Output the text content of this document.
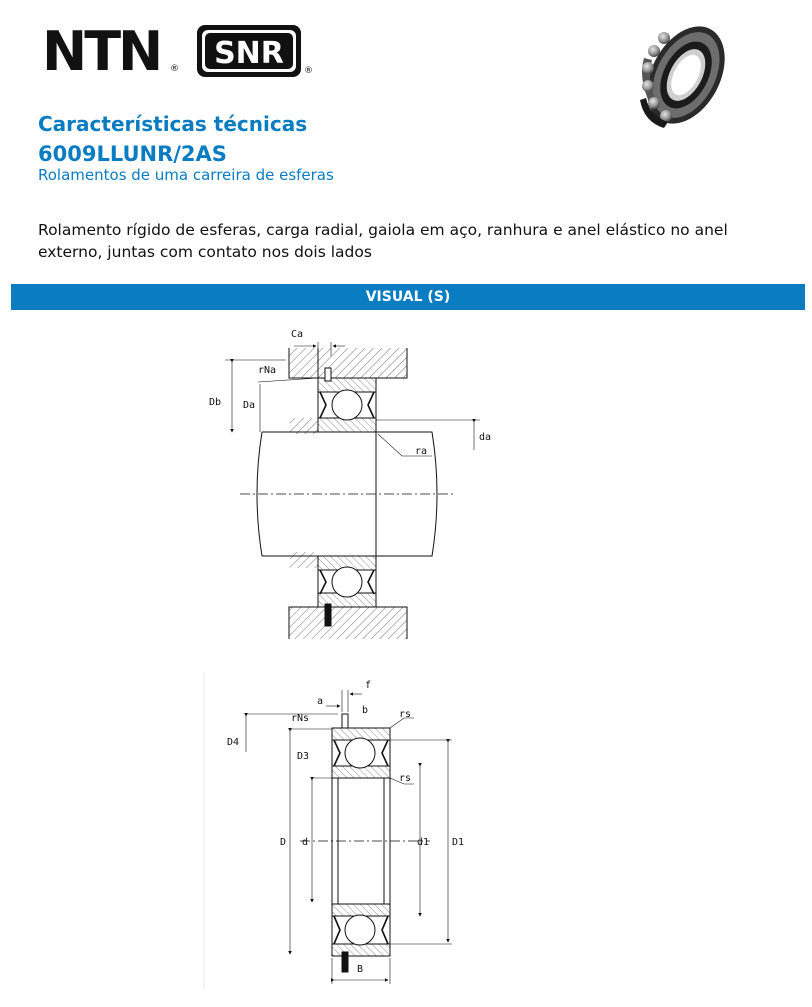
NTN ® SNR ®
Características técnicas
6009LLUNR/2AS

Rolamentos de uma carreira de esferas

Rolamento rígido de esferas, carga radial, gaiola em aço, ranhura e anel elástico no anel externo, juntas com contato nos dois lados

VISUAL (S)
Ca
rNa
Db Da
da
ra
f
a
b
rNs	rs
D4
D3
rs
D d	d1 D1
B
